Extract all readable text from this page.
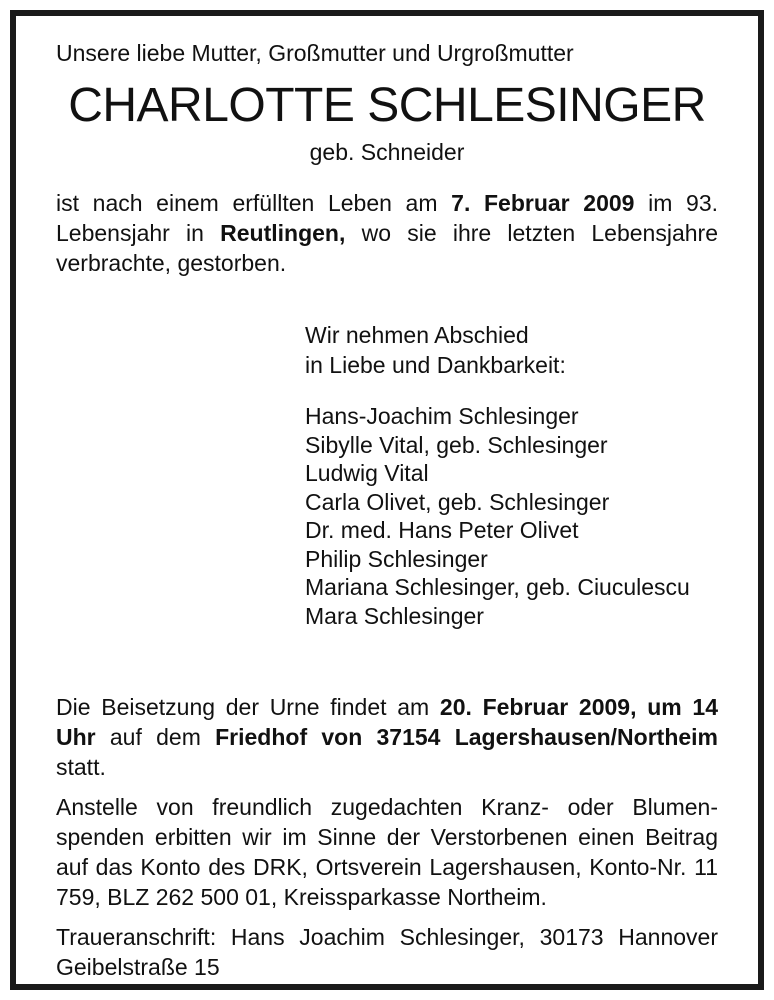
Unsere liebe Mutter, Großmutter und Urgroßmutter

CHARLOTTE SCHLESINGER

geb. Schneider

ist nach einem erfüllten Leben am 7. Februar 2009 im 93. Lebensjahr in Reutlingen, wo sie ihre letzten Lebensjahre verbrachte, gestorben.

Wir nehmen Abschied

in Liebe und Dankbarkeit:

Hans-Joachim Schlesinger
Sibylle Vital, geb. Schlesinger
Ludwig Vital
Carla Olivet, geb. Schlesinger
Dr. med. Hans Peter Olivet
Philip Schlesinger
Mariana Schlesinger, geb. Ciuculescu
Mara Schlesinger

Die Beisetzung der Urne findet am 20. Februar 2009, um 14 Uhr auf dem Friedhof von 37154 Lagershausen/Northeim statt.

Anstelle von freundlich zugedachten Kranz- oder Blumenspenden erbitten wir im Sinne der Verstorbenen einen Beitrag auf das Konto des DRK, Ortsverein Lagershausen, Konto-Nr. 11 759, BLZ 262 500 01, Kreissparkasse Northeim.

Traueranschrift: Hans Joachim Schlesinger, 30173 Hannover Geibelstraße 15
